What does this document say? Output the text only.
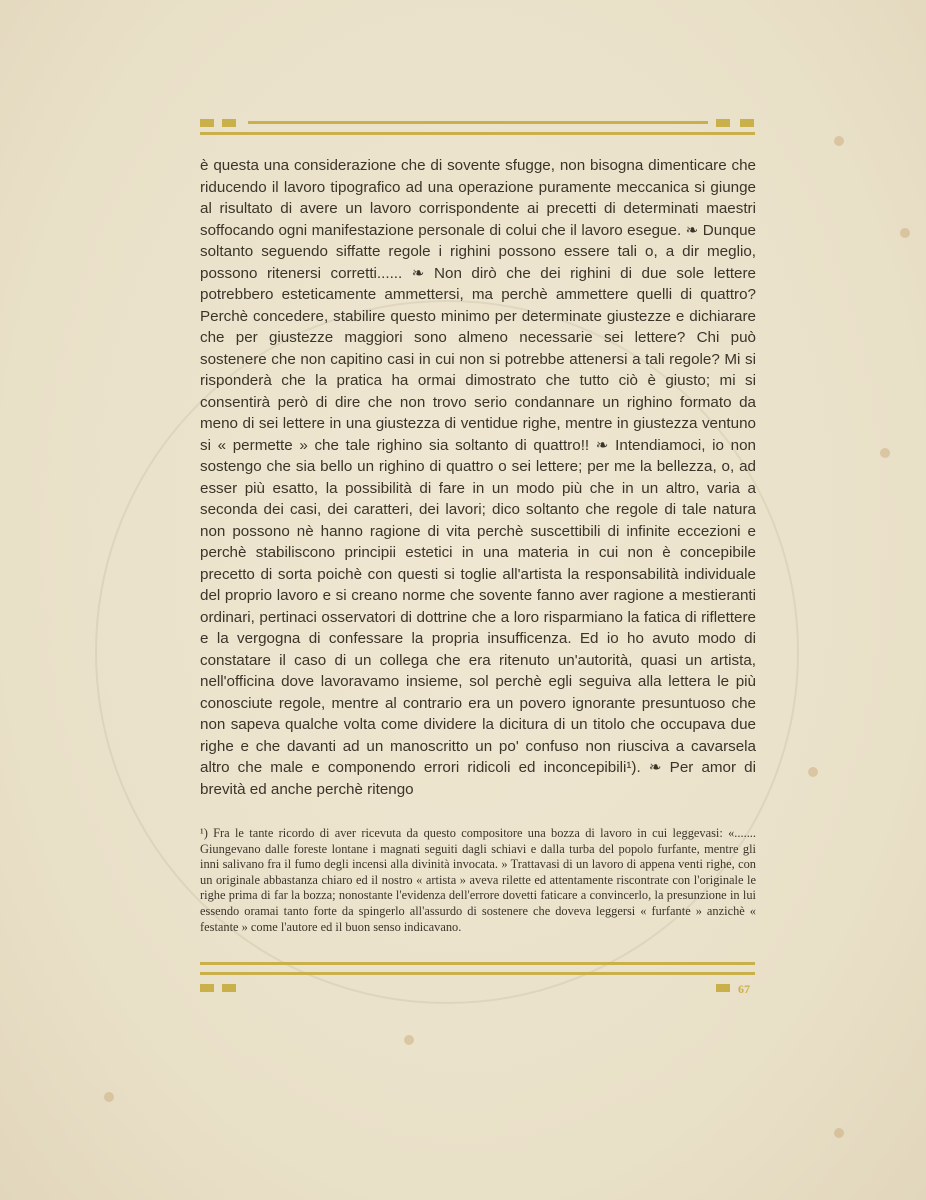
è questa una considerazione che di sovente sfugge, non bisogna dimenticare che riducendo il lavoro tipografico ad una operazione puramente meccanica si giunge al risultato di avere un lavoro corrispondente ai precetti di determinati maestri soffocando ogni manifestazione personale di colui che il lavoro esegue. ❧ Dunque soltanto seguendo siffatte regole i righini possono essere tali o, a dir meglio, possono ritenersi corretti...... ❧ Non dirò che dei righini di due sole lettere potrebbero esteticamente ammettersi, ma perchè ammettere quelli di quattro? Perchè concedere, stabilire questo minimo per determinate giustezze e dichiarare che per giustezze maggiori sono almeno necessarie sei lettere? Chi può sostenere che non capitino casi in cui non si potrebbe attenersi a tali regole? Mi si risponderà che la pratica ha ormai dimostrato che tutto ciò è giusto; mi si consentirà però di dire che non trovo serio condannare un righino formato da meno di sei lettere in una giustezza di ventidue righe, mentre in giustezza ventuno si « permette » che tale righino sia soltanto di quattro!! ❧ Intendiamoci, io non sostengo che sia bello un righino di quattro o sei lettere; per me la bellezza, o, ad esser più esatto, la possibilità di fare in un modo più che in un altro, varia a seconda dei casi, dei caratteri, dei lavori; dico soltanto che regole di tale natura non possono nè hanno ragione di vita perchè suscettibili di infinite eccezioni e perchè stabiliscono principii estetici in una materia in cui non è concepibile precetto di sorta poichè con questi si toglie all'artista la responsabilità individuale del proprio lavoro e si creano norme che sovente fanno aver ragione a mestieranti ordinari, pertinaci osservatori di dottrine che a loro risparmiano la fatica di riflettere e la vergogna di confessare la propria insufficenza. Ed io ho avuto modo di constatare il caso di un collega che era ritenuto un'autorità, quasi un artista, nell'officina dove lavoravamo insieme, sol perchè egli seguiva alla lettera le più conosciute regole, mentre al contrario era un povero ignorante presuntuoso che non sapeva qualche volta come dividere la dicitura di un titolo che occupava due righe e che davanti ad un manoscritto un po' confuso non riusciva a cavarsela altro che male e componendo errori ridicoli ed inconcepibili¹). ❧ Per amor di brevità ed anche perchè ritengo

¹) Fra le tante ricordo di aver ricevuta da questo compositore una bozza di lavoro in cui leggevasi: «....... Giungevano dalle foreste lontane i magnati seguiti dagli schiavi e dalla turba del popolo furfante, mentre gli inni salivano fra il fumo degli incensi alla divinità invocata. » Trattavasi di un lavoro di appena venti righe, con un originale abbastanza chiaro ed il nostro « artista » aveva rilette ed attentamente riscontrate con l'originale le righe prima di far la bozza; nonostante l'evidenza dell'errore dovetti faticare a convincerlo, la presunzione in lui essendo oramai tanto forte da spingerlo all'assurdo di sostenere che doveva leggersi « furfante » anzichè « festante » come l'autore ed il buon senso indicavano.

67
